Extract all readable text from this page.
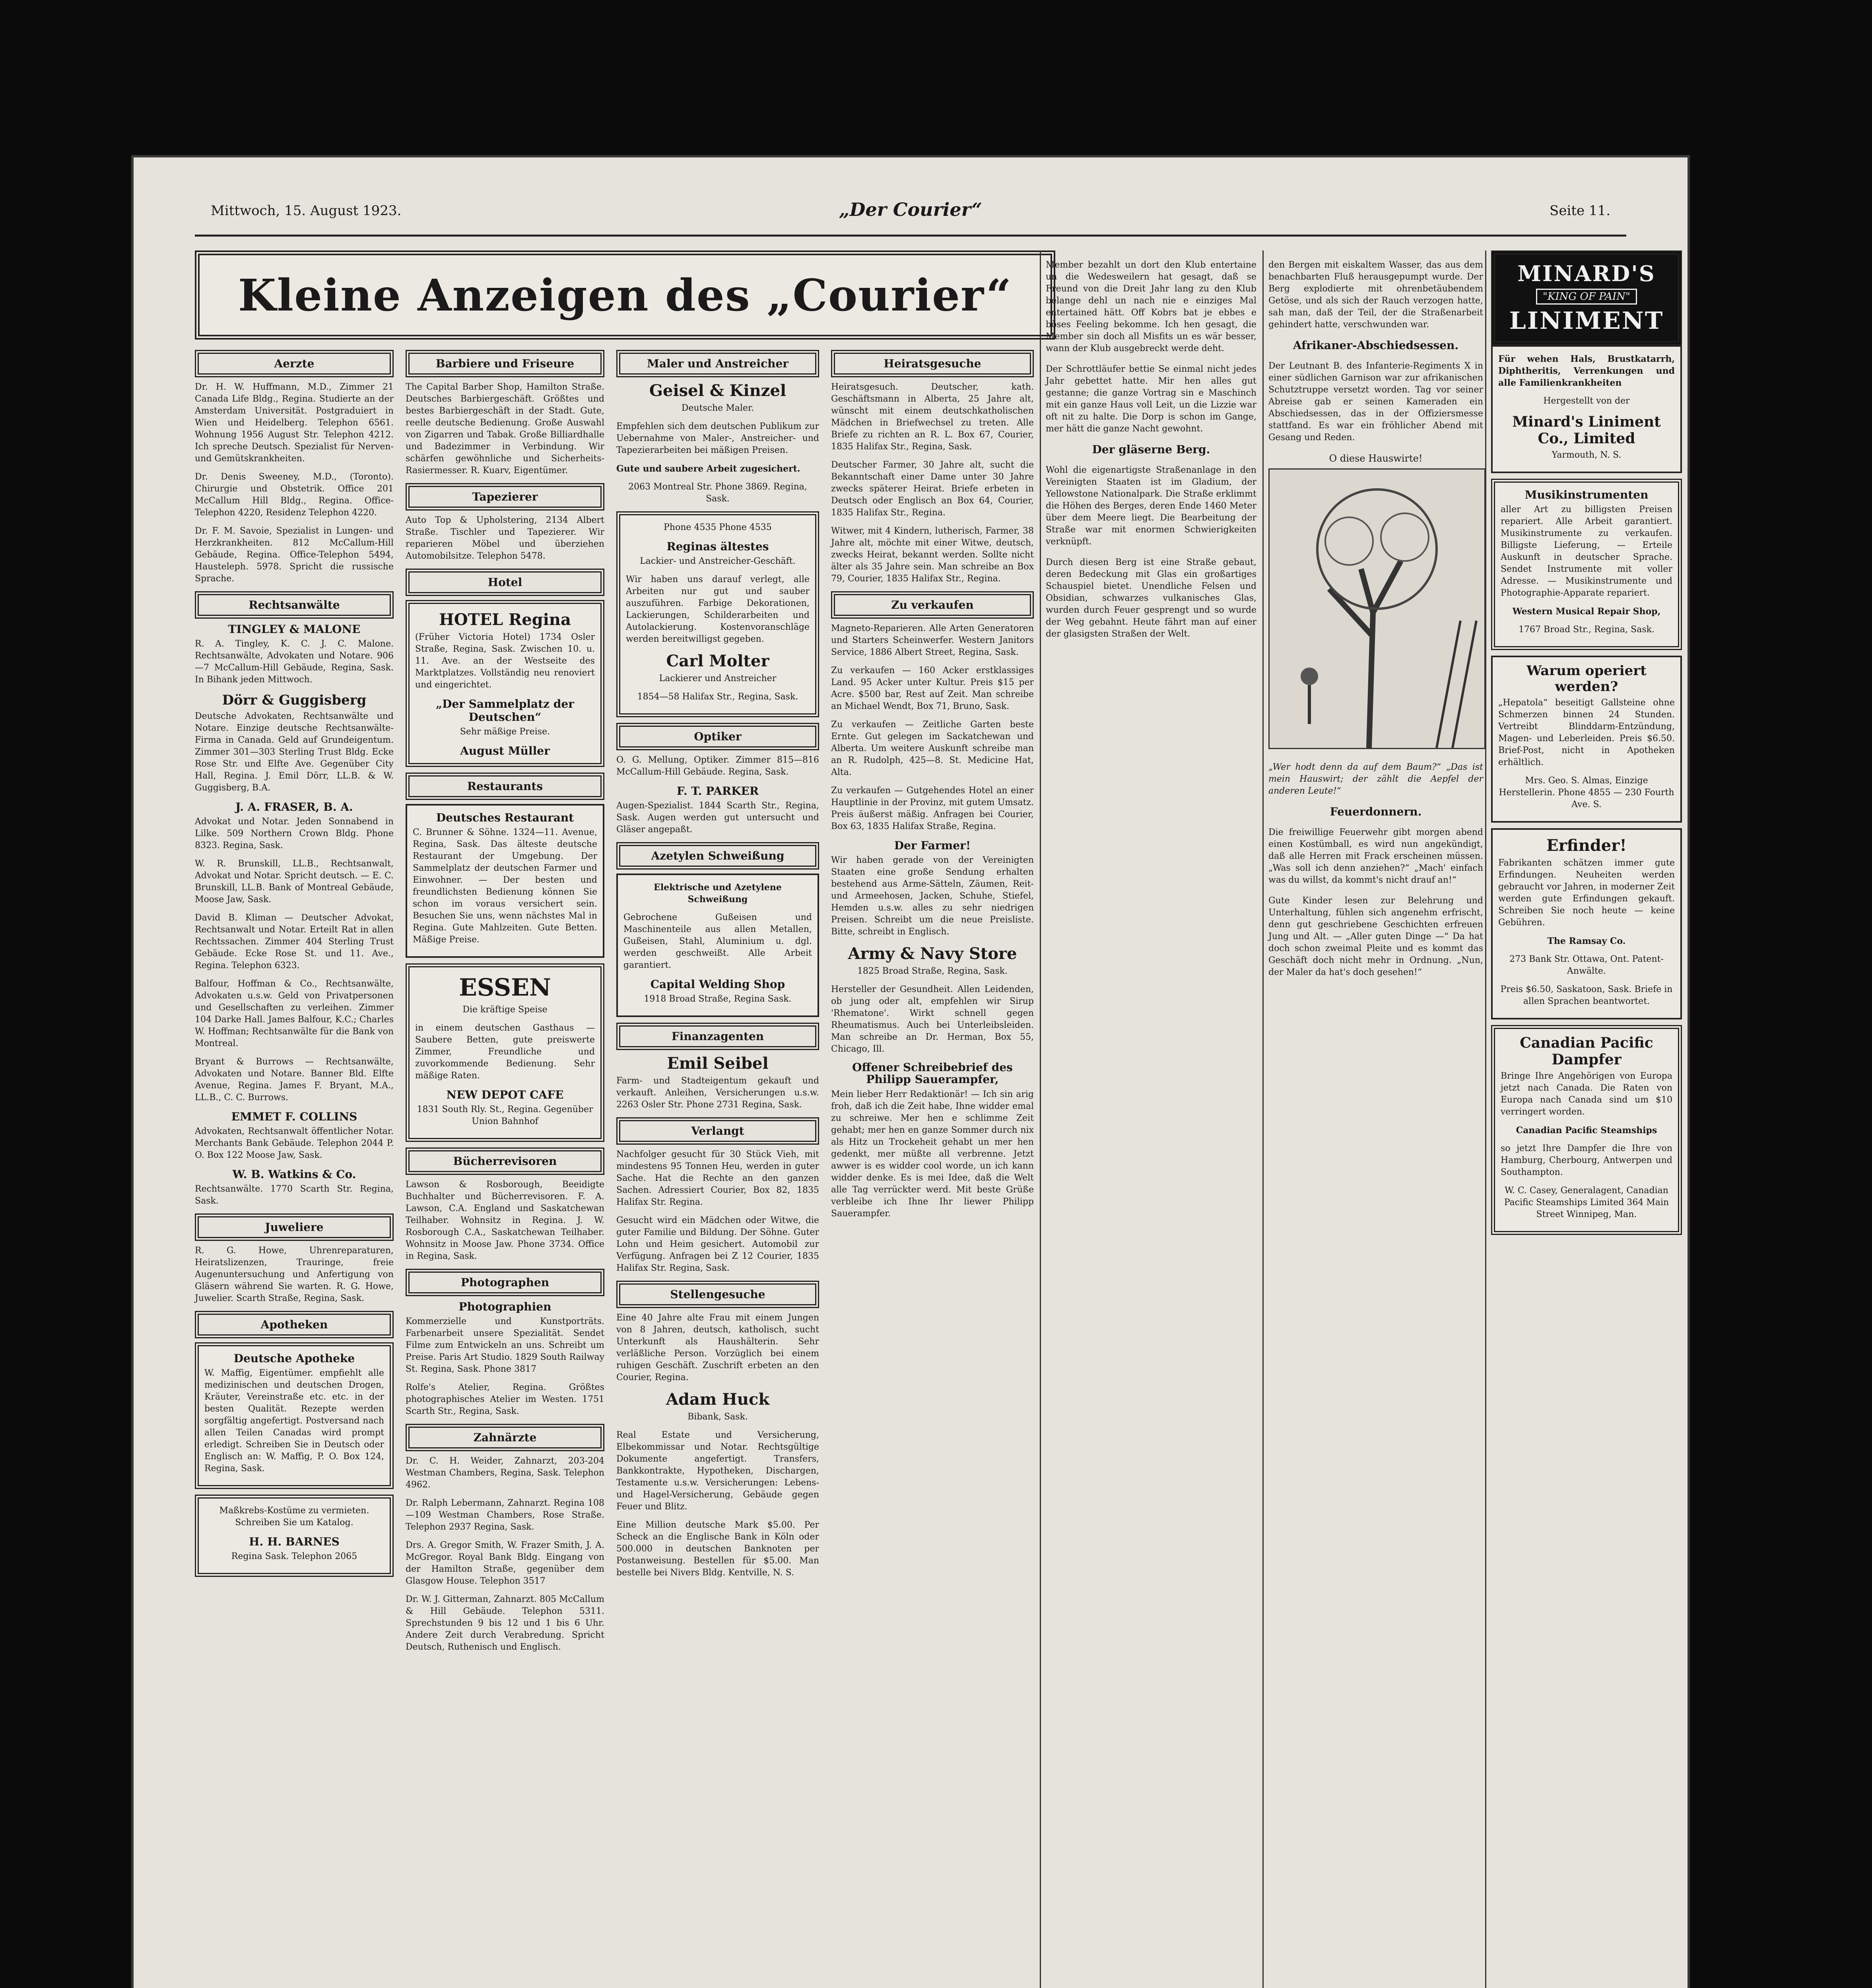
Mittwoch, 15. August 1923.	„Der Courier“	Seite 11.
Kleine Anzeigen des „Courier“
Aerzte
Dr. H. W. Huffmann, M.D., Zimmer 21 Canada Life Bldg., Regina. Studierte an der Amsterdam Universität. Postgraduiert in Wien und Heidelberg. Telephon 6561. Wohnung 1956 August Str. Telephon 4212. Ich spreche Deutsch. Spezialist für Nerven- und Gemütskrankheiten.
Dr. Denis Sweeney, M.D., (Toronto). Chirurgie und Obstetrik. Office 201 McCallum Hill Bldg., Regina. Office-Telephon 4220, Residenz Telephon 4220.
Dr. F. M. Savoie, Spezialist in Lungen- und Herzkrankheiten. 812 McCallum-Hill Gebäude, Regina. Office-Telephon 5494, Hausteleph. 5978. Spricht die russische Sprache.
Rechtsanwälte
TINGLEY & MALONE
R. A. Tingley, K. C. J. C. Malone. Rechtsanwälte, Advokaten und Notare. 906—7 McCallum-Hill Gebäude, Regina, Sask. In Bihank jeden Mittwoch.
Dörr & Guggisberg
Deutsche Advokaten, Rechtsanwälte und Notare. Einzige deutsche Rechtsanwälte-Firma in Canada. Geld auf Grundeigentum. Zimmer 301—303 Sterling Trust Bldg. Ecke Rose Str. und Elfte Ave. Gegenüber City Hall, Regina. J. Emil Dörr, LL.B. & W. Guggisberg, B.A.
J. A. FRASER, B. A.
Advokat und Notar. Jeden Sonnabend in Lilke. 509 Northern Crown Bldg. Phone 8323. Regina, Sask.
W. R. Brunskill, LL.B., Rechtsanwalt, Advokat und Notar. Spricht deutsch. — E. C. Brunskill, LL.B. Bank of Montreal Gebäude, Moose Jaw, Sask.
David B. Kliman — Deutscher Advokat, Rechtsanwalt und Notar. Erteilt Rat in allen Rechtssachen. Zimmer 404 Sterling Trust Gebäude. Ecke Rose St. und 11. Ave., Regina. Telephon 6323.
Balfour, Hoffman & Co., Rechtsanwälte, Advokaten u.s.w. Geld von Privatpersonen und Gesellschaften zu verleihen. Zimmer 104 Darke Hall. James Balfour, K.C.; Charles W. Hoffman; Rechtsanwälte für die Bank von Montreal.
Bryant & Burrows — Rechtsanwälte, Advokaten und Notare. Banner Bld. Elfte Avenue, Regina. James F. Bryant, M.A., LL.B., C. C. Burrows.
EMMET F. COLLINS
Advokaten, Rechtsanwalt öffentlicher Notar. Merchants Bank Gebäude. Telephon 2044 P. O. Box 122 Moose Jaw, Sask.
W. B. Watkins & Co.
Rechtsanwälte. 1770 Scarth Str. Regina, Sask.
Juweliere
R. G. Howe, Uhrenreparaturen, Heiratslizenzen, Trauringe, freie Augenuntersuchung und Anfertigung von Gläsern während Sie warten. R. G. Howe, Juwelier. Scarth Straße, Regina, Sask.
Apotheken
Deutsche Apotheke
W. Maffig, Eigentümer. empfiehlt alle medizinischen und deutschen Drogen, Kräuter, Vereinstraße etc. etc. in der besten Qualität. Rezepte werden sorgfältig angefertigt. Postversand nach allen Teilen Canadas wird prompt erledigt. Schreiben Sie in Deutsch oder Englisch an: W. Maffig, P. O. Box 124, Regina, Sask.
Maßkrebs-Kostüme zu vermieten. Schreiben Sie um Katalog.
H. H. BARNES
Regina Sask. Telephon 2065
Barbiere und Friseure
The Capital Barber Shop, Hamilton Straße. Deutsches Barbiergeschäft. Größtes und bestes Barbiergeschäft in der Stadt. Gute, reelle deutsche Bedienung. Große Auswahl von Zigarren und Tabak. Große Billiardhalle und Badezimmer in Verbindung. Wir schärfen gewöhnliche und Sicherheits-Rasiermesser. R. Kuarv, Eigentümer.
Tapezierer
Auto Top & Upholstering, 2134 Albert Straße. Tischler und Tapezierer. Wir reparieren Möbel und überziehen Automobilsitze. Telephon 5478.
Hotel
HOTEL Regina
(Früher Victoria Hotel) 1734 Osler Straße, Regina, Sask. Zwischen 10. u. 11. Ave. an der Westseite des Marktplatzes. Vollständig neu renoviert und eingerichtet.
„Der Sammelplatz der Deutschen“
Sehr mäßige Preise.
August Müller
Restaurants
Deutsches Restaurant
C. Brunner & Söhne. 1324—11. Avenue, Regina, Sask. Das älteste deutsche Restaurant der Umgebung. Der Sammelplatz der deutschen Farmer und Einwohner. — Der besten und freundlichsten Bedienung können Sie schon im voraus versichert sein. Besuchen Sie uns, wenn nächstes Mal in Regina. Gute Mahlzeiten. Gute Betten. Mäßige Preise.
ESSEN
Die kräftige Speise
in einem deutschen Gasthaus — Saubere Betten, gute preiswerte Zimmer, Freundliche und zuvorkommende Bedienung. Sehr mäßige Raten.
NEW DEPOT CAFE
1831 South Rly. St., Regina. Gegenüber Union Bahnhof
Bücherrevisoren
Lawson & Rosborough, Beeidigte Buchhalter und Bücherrevisoren. F. A. Lawson, C.A. England und Saskatchewan Teilhaber. Wohnsitz in Regina. J. W. Rosborough C.A., Saskatchewan Teilhaber. Wohnsitz in Moose Jaw. Phone 3734. Office in Regina, Sask.
Photographen
Photographien
Kommerzielle und Kunstporträts. Farbenarbeit unsere Spezialität. Sendet Filme zum Entwickeln an uns. Schreibt um Preise. Paris Art Studio. 1829 South Railway St. Regina, Sask. Phone 3817
Rolfe's Atelier, Regina. Größtes photographisches Atelier im Westen. 1751 Scarth Str., Regina, Sask.
Zahnärzte
Dr. C. H. Weider, Zahnarzt, 203-204 Westman Chambers, Regina, Sask. Telephon 4962.
Dr. Ralph Lebermann, Zahnarzt. Regina 108—109 Westman Chambers, Rose Straße. Telephon 2937 Regina, Sask.
Drs. A. Gregor Smith, W. Frazer Smith, J. A. McGregor. Royal Bank Bldg. Eingang von der Hamilton Straße, gegenüber dem Glasgow House. Telephon 3517
Dr. W. J. Gitterman, Zahnarzt. 805 McCallum & Hill Gebäude. Telephon 5311. Sprechstunden 9 bis 12 und 1 bis 6 Uhr. Andere Zeit durch Verabredung. Spricht Deutsch, Ruthenisch und Englisch.
Maler und Anstreicher
Geisel & Kinzel
Deutsche Maler.
Empfehlen sich dem deutschen Publikum zur Uebernahme von Maler-, Anstreicher- und Tapezierarbeiten bei mäßigen Preisen.
Gute und saubere Arbeit zugesichert.
2063 Montreal Str. Phone 3869. Regina, Sask.
Phone 4535 Phone 4535
Reginas ältestes
Lackier- und Anstreicher-Geschäft.
Wir haben uns darauf verlegt, alle Arbeiten nur gut und sauber auszuführen. Farbige Dekorationen, Lackierungen, Schilderarbeiten und Autolackierung. Kostenvoranschläge werden bereitwilligst gegeben.
Carl Molter
Lackierer und Anstreicher
1854—58 Halifax Str., Regina, Sask.
Optiker
O. G. Mellung, Optiker. Zimmer 815—816 McCallum-Hill Gebäude. Regina, Sask.
F. T. PARKER
Augen-Spezialist. 1844 Scarth Str., Regina, Sask. Augen werden gut untersucht und Gläser angepaßt.
Azetylen Schweißung
Elektrische und Azetylene Schweißung
Gebrochene Gußeisen und Maschinenteile aus allen Metallen, Gußeisen, Stahl, Aluminium u. dgl. werden geschweißt. Alle Arbeit garantiert.
Capital Welding Shop
1918 Broad Straße, Regina Sask.
Finanzagenten
Emil Seibel
Farm- und Stadteigentum gekauft und verkauft. Anleihen, Versicherungen u.s.w. 2263 Osler Str. Phone 2731 Regina, Sask.
Verlangt
Nachfolger gesucht für 30 Stück Vieh, mit mindestens 95 Tonnen Heu, werden in guter Sache. Hat die Rechte an den ganzen Sachen. Adressiert Courier, Box 82, 1835 Halifax Str. Regina.
Gesucht wird ein Mädchen oder Witwe, die guter Familie und Bildung. Der Söhne. Guter Lohn und Heim gesichert. Automobil zur Verfügung. Anfragen bei Z 12 Courier, 1835 Halifax Str. Regina, Sask.
Stellengesuche
Eine 40 Jahre alte Frau mit einem Jungen von 8 Jahren, deutsch, katholisch, sucht Unterkunft als Haushälterin. Sehr verläßliche Person. Vorzüglich bei einem ruhigen Geschäft. Zuschrift erbeten an den Courier, Regina.
Adam Huck
Bibank, Sask.
Real Estate und Versicherung, Elbekommissar und Notar. Rechtsgültige Dokumente angefertigt. Transfers, Bankkontrakte, Hypotheken, Dischargen, Testamente u.s.w. Versicherungen: Lebens- und Hagel-Versicherung, Gebäude gegen Feuer und Blitz.
Eine Million deutsche Mark $5.00. Per Scheck an die Englische Bank in Köln oder 500.000 in deutschen Banknoten per Postanweisung. Bestellen für $5.00. Man bestelle bei Nivers Bldg. Kentville, N. S.
Heiratsgesuche
Heiratsgesuch. Deutscher, kath. Geschäftsmann in Alberta, 25 Jahre alt, wünscht mit einem deutschkatholischen Mädchen in Briefwechsel zu treten. Alle Briefe zu richten an R. L. Box 67, Courier, 1835 Halifax Str., Regina, Sask.
Deutscher Farmer, 30 Jahre alt, sucht die Bekanntschaft einer Dame unter 30 Jahre zwecks späterer Heirat. Briefe erbeten in Deutsch oder Englisch an Box 64, Courier, 1835 Halifax Str., Regina.
Witwer, mit 4 Kindern, lutherisch, Farmer, 38 Jahre alt, möchte mit einer Witwe, deutsch, zwecks Heirat, bekannt werden. Sollte nicht älter als 35 Jahre sein. Man schreibe an Box 79, Courier, 1835 Halifax Str., Regina.
Zu verkaufen
Magneto-Reparieren. Alle Arten Generatoren und Starters Scheinwerfer. Western Janitors Service, 1886 Albert Street, Regina, Sask.
Zu verkaufen — 160 Acker erstklassiges Land. 95 Acker unter Kultur. Preis $15 per Acre. $500 bar, Rest auf Zeit. Man schreibe an Michael Wendt, Box 71, Bruno, Sask.
Zu verkaufen — Zeitliche Garten beste Ernte. Gut gelegen im Sackatchewan und Alberta. Um weitere Auskunft schreibe man an R. Rudolph, 425—8. St. Medicine Hat, Alta.
Zu verkaufen — Gutgehendes Hotel an einer Hauptlinie in der Provinz, mit gutem Umsatz. Preis äußerst mäßig. Anfragen bei Courier, Box 63, 1835 Halifax Straße, Regina.
Der Farmer!
Wir haben gerade von der Vereinigten Staaten eine große Sendung erhalten bestehend aus Arme-Sätteln, Zäumen, Reit- und Armeehosen, Jacken, Schuhe, Stiefel, Hemden u.s.w. alles zu sehr niedrigen Preisen. Schreibt um die neue Preisliste. Bitte, schreibt in Englisch.
Army & Navy Store
1825 Broad Straße, Regina, Sask.
Hersteller der Gesundheit. Allen Leidenden, ob jung oder alt, empfehlen wir Sirup 'Rhematone'. Wirkt schnell gegen Rheumatismus. Auch bei Unterleibsleiden. Man schreibe an Dr. Herman, Box 55, Chicago, Ill.
Offener Schreibebrief des Philipp Sauerampfer,
Mein lieber Herr Redaktionär! — Ich sin arig froh, daß ich die Zeit habe, Ihne widder emal zu schreiwe. Mer hen e schlimme Zeit gehabt; mer hen en ganze Sommer durch nix als Hitz un Trockeheit gehabt un mer hen gedenkt, mer müßte all verbrenne. Jetzt awwer is es widder cool worde, un ich kann widder denke. Es is mei Idee, daß die Welt alle Tag verrückter werd. Mit beste Grüße verbleibe ich Ihne Ihr liewer Philipp Sauerampfer.

Member bezahlt un dort den Klub entertaine un die Wedesweilern hat gesagt, daß se Freund von die Dreit Jahr lang zu den Klub belange dehl un nach nie e einziges Mal entertained hätt. Off Kobrs bat je ebbes e böses Feeling bekomme. Ich hen gesagt, die Member sin doch all Misfits un es wär besser, wann der Klub ausgebreckt werde deht.

Der Schrottläufer bettie Se einmal nicht jedes Jahr gebettet hatte. Mir hen alles gut gestanne; die ganze Vortrag sin e Maschinch mit ein ganze Haus voll Leit, un die Lizzie war oft nit zu halte. Die Dorp is schon im Gange, mer hätt die ganze Nacht gewohnt.

Der gläserne Berg.

Wohl die eigenartigste Straßenanlage in den Vereinigten Staaten ist im Gladium, der Yellowstone Nationalpark. Die Straße erklimmt die Höhen des Berges, deren Ende 1460 Meter über dem Meere liegt. Die Bearbeitung der Straße war mit enormen Schwierigkeiten verknüpft.

Durch diesen Berg ist eine Straße gebaut, deren Bedeckung mit Glas ein großartiges Schauspiel bietet. Unendliche Felsen und Obsidian, schwarzes vulkanisches Glas, wurden durch Feuer gesprengt und so wurde der Weg gebahnt. Heute fährt man auf einer der glasigsten Straßen der Welt.

den Bergen mit eiskaltem Wasser, das aus dem benachbarten Fluß herausgepumpt wurde. Der Berg explodierte mit ohrenbetäubendem Getöse, und als sich der Rauch verzogen hatte, sah man, daß der Teil, der die Straßenarbeit gehindert hatte, verschwunden war.

Afrikaner-Abschiedsessen.

Der Leutnant B. des Infanterie-Regiments X in einer südlichen Garnison war zur afrikanischen Schutztruppe versetzt worden. Tag vor seiner Abreise gab er seinen Kameraden ein Abschiedsessen, das in der Offiziersmesse stattfand. Es war ein fröhlicher Abend mit Gesang und Reden.

O diese Hauswirte!

„Wer hodt denn da auf dem Baum?“ „Das ist mein Hauswirt; der zählt die Aepfel der anderen Leute!“

Feuerdonnern.

Die freiwillige Feuerwehr gibt morgen abend einen Kostümball, es wird nun angekündigt, daß alle Herren mit Frack erscheinen müssen. „Was soll ich denn anziehen?“ „Mach' einfach was du willst, da kommt's nicht drauf an!“

Gute Kinder lesen zur Belehrung und Unterhaltung, fühlen sich angenehm erfrischt, denn gut geschriebene Geschichten erfreuen Jung und Alt. — „Aller guten Dinge —“ Da hat doch schon zweimal Pleite und es kommt das Geschäft doch nicht mehr in Ordnung. „Nun, der Maler da hat's doch gesehen!“

MINARD'S
"KING OF PAIN"
LINIMENT
Für wehen Hals, Brustkatarrh, Diphtheritis, Verrenkungen und alle Familienkrankheiten
Hergestellt von der
Minard's Liniment Co., Limited
Yarmouth, N. S.
Musikinstrumenten
aller Art zu billigsten Preisen repariert. Alle Arbeit garantiert. Musikinstrumente zu verkaufen. Billigste Lieferung, — Erteile Auskunft in deutscher Sprache. Sendet Instrumente mit voller Adresse. — Musikinstrumente und Photographie-Apparate repariert.
Western Musical Repair Shop,
1767 Broad Str., Regina, Sask.
Warum operiert werden?
„Hepatola“ beseitigt Gallsteine ohne Schmerzen binnen 24 Stunden. Vertreibt Blinddarm-Entzündung, Magen- und Leberleiden. Preis $6.50. Brief-Post, nicht in Apotheken erhältlich.
Mrs. Geo. S. Almas, Einzige Herstellerin. Phone 4855 — 230 Fourth Ave. S.
Erfinder!
Fabrikanten schätzen immer gute Erfindungen. Neuheiten werden gebraucht vor Jahren, in moderner Zeit werden gute Erfindungen gekauft. Schreiben Sie noch heute — keine Gebühren.
The Ramsay Co.
273 Bank Str. Ottawa, Ont. Patent-Anwälte.
Preis $6.50, Saskatoon, Sask. Briefe in allen Sprachen beantwortet.
Canadian Pacific Dampfer
Bringe Ihre Angehörigen von Europa jetzt nach Canada. Die Raten von Europa nach Canada sind um $10 verringert worden.
Canadian Pacific Steamships
so jetzt Ihre Dampfer die Ihre von Hamburg, Cherbourg, Antwerpen und Southampton.
W. C. Casey, Generalagent, Canadian Pacific Steamships Limited 364 Main Street Winnipeg, Man.
